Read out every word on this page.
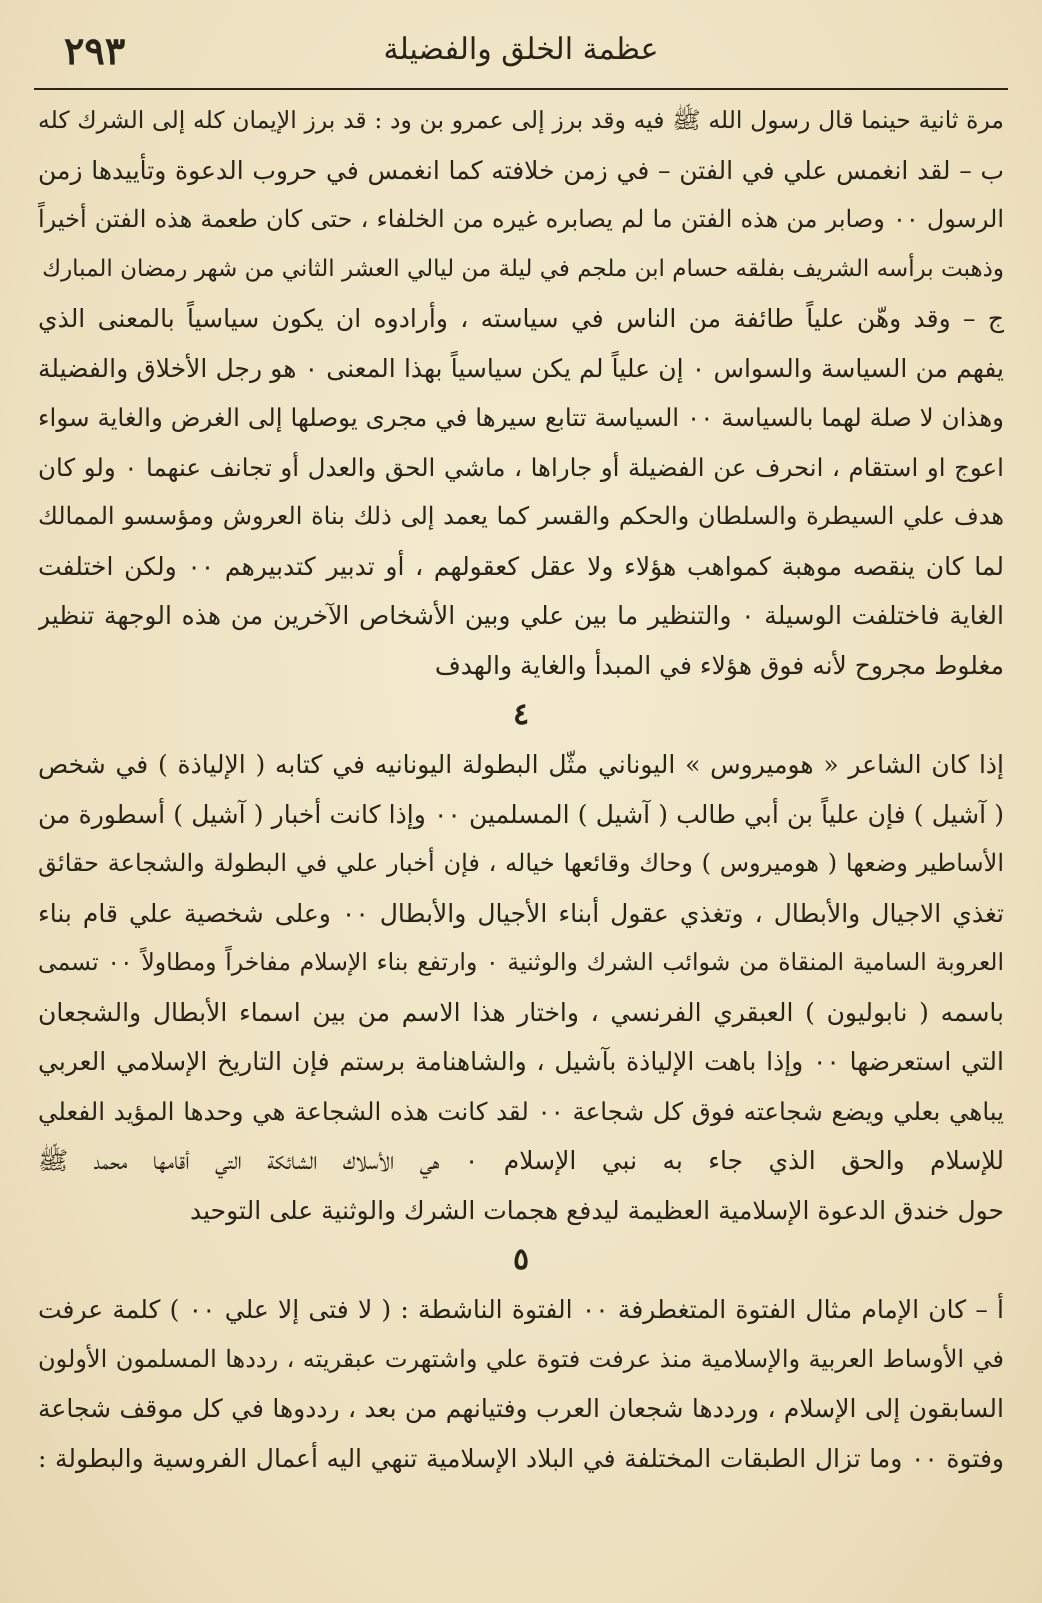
٢٩٣	عظمة الخلق والفضيلة
مرة ثانية حينما قال رسول الله ﷺ فيه وقد برز إلى عمرو بن ود : قد برز الإيمان كله إلى الشرك كله
ب – لقد انغمس علي في الفتن – في زمن خلافته كما انغمس في حروب الدعوة وتأييدها زمن
الرسول ٠٠ وصابر من هذه الفتن ما لم يصابره غيره من الخلفاء ، حتى كان طعمة هذه الفتن أخيراً
وذهبت برأسه الشريف بفلقه حسام ابن ملجم في ليلة من ليالي العشر الثاني من شهر رمضان المبارك
ج – وقد وهّن علياً طائفة من الناس في سياسته ، وأرادوه ان يكون سياسياً بالمعنى الذي
يفهم من السياسة والسواس ٠ إن علياً لم يكن سياسياً بهذا المعنى ٠ هو رجل الأخلاق والفضيلة
وهذان لا صلة لهما بالسياسة ٠٠ السياسة تتابع سيرها في مجرى يوصلها إلى الغرض والغاية سواء
اعوج او استقام ، انحرف عن الفضيلة أو جاراها ، ماشي الحق والعدل أو تجانف عنهما ٠ ولو كان
هدف علي السيطرة والسلطان والحكم والقسر كما يعمد إلى ذلك بناة العروش ومؤسسو الممالك
لما كان ينقصه موهبة كمواهب هؤلاء ولا عقل كعقولهم ، أو تدبير كتدبيرهم ٠٠ ولكن اختلفت
الغاية فاختلفت الوسيلة ٠ والتنظير ما بين علي وبين الأشخاص الآخرين من هذه الوجهة تنظير
مغلوط مجروح لأنه فوق هؤلاء في المبدأ والغاية والهدف
٤
إذا كان الشاعر « هوميروس » اليوناني مثّل البطولة اليونانيه في كتابه ( الإلياذة ) في شخص
( آشيل ) فإن علياً بن أبي طالب ( آشيل ) المسلمين ٠٠ وإذا كانت أخبار ( آشيل ) أسطورة من
الأساطير وضعها ( هوميروس ) وحاك وقائعها خياله ، فإن أخبار علي في البطولة والشجاعة حقائق
تغذي الاجيال والأبطال ، وتغذي عقول أبناء الأجيال والأبطال ٠٠ وعلى شخصية علي قام بناء
العروبة السامية المنقاة من شوائب الشرك والوثنية ٠ وارتفع بناء الإسلام مفاخراً ومطاولاً ٠٠ تسمى
باسمه ( نابوليون ) العبقري الفرنسي ، واختار هذا الاسم من بين اسماء الأبطال والشجعان
التي استعرضها ٠٠ وإذا باهت الإلياذة بآشيل ، والشاهنامة برستم فإن التاريخ الإسلامي العربي
يباهي بعلي ويضع شجاعته فوق كل شجاعة ٠٠ لقد كانت هذه الشجاعة هي وحدها المؤيد الفعلي
للإسلام والحق الذي جاء به نبي الإسلام ٠ هي الأسلاك الشائكة التي أقامها محمد ﷺ
حول خندق الدعوة الإسلامية العظيمة ليدفع هجمات الشرك والوثنية على التوحيد
٥
أ – كان الإمام مثال الفتوة المتغطرفة ٠٠ الفتوة الناشطة : ( لا فتى إلا علي ٠٠ ) كلمة عرفت
في الأوساط العربية والإسلامية منذ عرفت فتوة علي واشتهرت عبقريته ، رددها المسلمون الأولون
السابقون إلى الإسلام ، ورددها شجعان العرب وفتيانهم من بعد ، رددوها في كل موقف شجاعة
وفتوة ٠٠ وما تزال الطبقات المختلفة في البلاد الإسلامية تنهي اليه أعمال الفروسية والبطولة :
